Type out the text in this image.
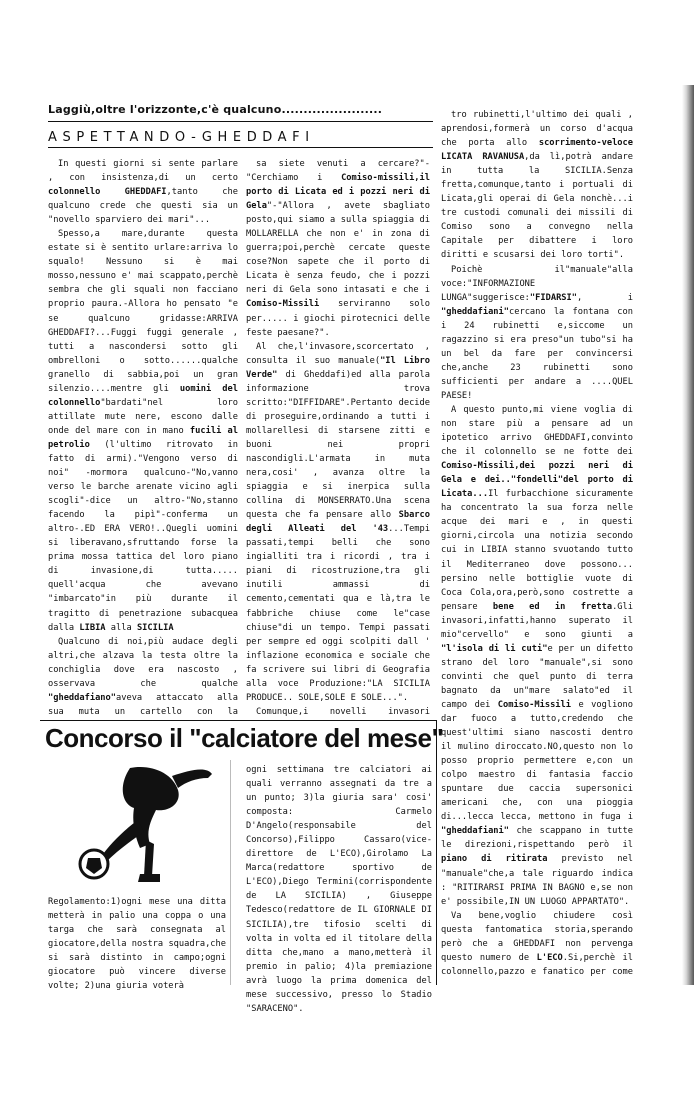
Laggiù,oltre l'orizzonte,c'è qualcuno.......................
ASPETTANDO-GHEDDAFI

In questi giorni si sente parlare , con insistenza,di un certo colonnello GHEDDAFI,tanto che qualcuno crede che questi sia un "novello sparviero dei mari"...

Spesso,a mare,durante questa estate si è sentito urlare:arriva lo squalo! Nessuno si è mai mosso,nessuno e' mai scappato,perchè sembra che gli squali non facciano proprio paura.-Allora ho pensato "e se qualcuno gridasse:ARRIVA GHEDDAFI?...Fuggi fuggi generale , tutti a nascondersi sotto gli ombrelloni o sotto......qualche granello di sabbia,poi un gran silenzio....mentre gli uomini del colonnello"bardati"nel loro attillate mute nere, escono dalle onde del mare con in mano fucili al petrolio (l'ultimo ritrovato in fatto di armi)."Vengono verso di noi" -mormora qualcuno-"No,vanno verso le barche arenate vicino agli scogli"-dice un altro-"No,stanno facendo la pipì"-conferma un altro-.ED ERA VERO!..Quegli uomini si liberavano,sfruttando forse la prima mossa tattica del loro piano di invasione,di tutta..... quell'acqua che avevano "imbarcato"in più durante il tragitto di penetrazione subacquea dalla LIBIA alla SICILIA

Qualcuno di noi,più audace degli altri,che alzava la testa oltre la conchiglia dove era nascosto , osservava che qualche "gheddafiano"aveva attaccato alla sua muta un cartello con la

sa siete venuti a cercare?"-"Cerchiamo i Comiso-missili,il porto di Licata ed i pozzi neri di Gela"-"Allora , avete sbagliato posto,qui siamo a sulla spiaggia di MOLLARELLA che non e' in zona di guerra;poi,perchè cercate queste cose?Non sapete che il porto di Licata è senza feudo, che i pozzi neri di Gela sono intasati e che i Comiso-Missili serviranno solo per..... i giochi pirotecnici delle feste paesane?".

Al che,l'invasore,scorcertato , consulta il suo manuale("Il Libro Verde" di Gheddafi)ed alla parola informazione trova scritto:"DIFFIDARE".Pertanto decide di proseguire,ordinando a tutti i mollarellesi di starsene zitti e buoni nei propri nascondigli.L'armata in muta nera,cosi' , avanza oltre la spiaggia e si inerpica sulla collina di MONSERRATO.Una scena questa che fa pensare allo Sbarco degli Alleati del '43...Tempi passati,tempi belli che sono ingialliti tra i ricordi , tra i piani di ricostruzione,tra gli inutili ammassi di cemento,cementati qua e là,tra le fabbriche chiuse come le"case chiuse"di un tempo. Tempi passati per sempre ed oggi scolpiti dall ' inflazione economica e sociale che fa scrivere sui libri di Geografia alla voce Produzione:"LA SICILIA PRODUCE.. SOLE,SOLE E SOLE...".

Comunque,i novelli invasori

tro rubinetti,l'ultimo dei quali , aprendosi,formerà un corso d'acqua che porta allo scorrimento-veloce LICATA RAVANUSA,da lì,potrà andare in tutta la SICILIA.Senza fretta,comunque,tanto i portuali di Licata,gli operai di Gela nonchè...i tre custodi comunali dei missili di Comiso sono a convegno nella Capitale per dibattere i loro diritti e scusarsi dei loro torti".

Poichè il"manuale"alla voce:"INFORMAZIONE LUNGA"suggerisce:"FIDARSI", i "gheddafiani"cercano la fontana con i 24 rubinetti e,siccome un ragazzino si era preso"un tubo"si ha un bel da fare per convincersi che,anche 23 rubinetti sono sufficienti per andare a ....QUEL PAESE!

A questo punto,mi viene voglia di non stare più a pensare ad un ipotetico arrivo GHEDDAFI,convinto che il colonnello se ne fotte dei Comiso-Missili,dei pozzi neri di Gela e dei.."fondelli"del porto di Licata...Il furbacchione sicuramente ha concentrato la sua forza nelle acque dei mari e , in questi giorni,circola una notizia secondo cui in LIBIA stanno svuotando tutto il Mediterraneo dove possono... persino nelle bottiglie vuote di Coca Cola,ora,però,sono costrette a pensare bene ed in fretta.Gli invasori,infatti,hanno superato il mio"cervello" e sono giunti a "l'isola di li cuti"e per un difetto strano del loro "manuale",si sono convinti che quel punto di terra bagnato da un"mare salato"ed il campo dei Comiso-Missili e vogliono dar fuoco a tutto,credendo che quest'ultimi siano nascosti dentro il mulino diroccato.NO,questo non lo posso proprio permettere e,con un colpo maestro di fantasia faccio spuntare due caccia supersonici americani che, con una pioggia di...lecca lecca, mettono in fuga i "gheddafiani" che scappano in tutte le direzioni,rispettando però il piano di ritirata previsto nel "manuale"che,a tale riguardo indica : "RITIRARSI PRIMA IN BAGNO e,se non e' possibile,IN UN LUOGO APPARTATO".

Va bene,voglio chiudere così questa fantomatica storia,sperando però che a GHEDDAFI non pervenga questo numero de L'ECO.Si,perchè il colonnello,pazzo e fanatico per come

Concorso il "calciatore del mese"

Regolamento:1)ogni mese una ditta metterà in palio una coppa o una targa che sarà consegnata al giocatore,della nostra squadra,che si sarà distinto in campo;ogni giocatore può vincere diverse volte; 2)una giuria voterà

ogni settimana tre calciatori ai quali verranno assegnati da tre a un punto; 3)la giuria sara' cosi' composta: Carmelo D'Angelo(responsabile del Concorso),Filippo Cassaro(vice-direttore de L'ECO),Girolamo La Marca(redattore sportivo de L'ECO),Diego Termini(corrispondente de LA SICILIA) , Giuseppe Tedesco(redattore de IL GIORNALE DI SICILIA),tre tifosio scelti di volta in volta ed il titolare della ditta che,mano a mano,metterà il premio in palio; 4)la premiazione avrà luogo la prima domenica del mese successivo, presso lo Stadio "SARACENO".
